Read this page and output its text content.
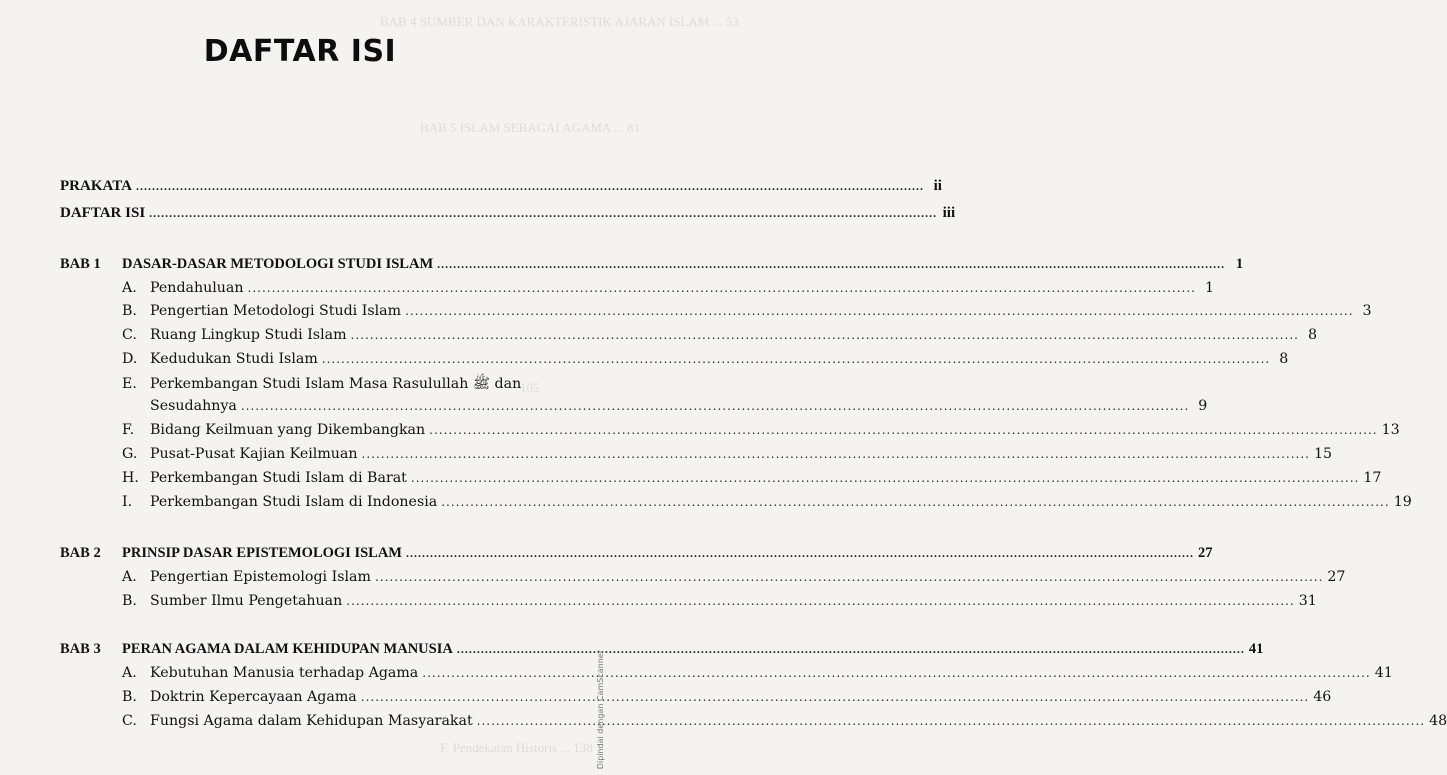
BAB 4 SUMBER DAN KARAKTERISTIK AJARAN ISLAM ... 53
BAB 5 ISLAM SEBAGAI AGAMA ... 81
105
F. Pendekatan Historis ... 138
DAFTAR ISI
PRAKATA .....	ii
DAFTAR ISI .....	iii
BAB 1 DASAR-DASAR METODOLOGI STUDI ISLAM .....	1
A. Pendahuluan .....	1
B. Pengertian Metodologi Studi Islam .....	3
C. Ruang Lingkup Studi Islam .....	8
D. Kedudukan Studi Islam .....	8
E. Perkembangan Studi Islam Masa Rasulullah ﷺ dan
Sesudahnya .....	9
F. Bidang Keilmuan yang Dikembangkan .....	13
G. Pusat-Pusat Kajian Keilmuan .....	15
H. Perkembangan Studi Islam di Barat .....	17
I. Perkembangan Studi Islam di Indonesia .....	19
BAB 2 PRINSIP DASAR EPISTEMOLOGI ISLAM .....	27
A. Pengertian Epistemologi Islam .....	27
B. Sumber Ilmu Pengetahuan .....	31
BAB 3 PERAN AGAMA DALAM KEHIDUPAN MANUSIA .....	41
A. Kebutuhan Manusia terhadap Agama .....	41
B. Doktrin Kepercayaan Agama .....	46
C. Fungsi Agama dalam Kehidupan Masyarakat .....	48
Dipindai dengan CamScanner
